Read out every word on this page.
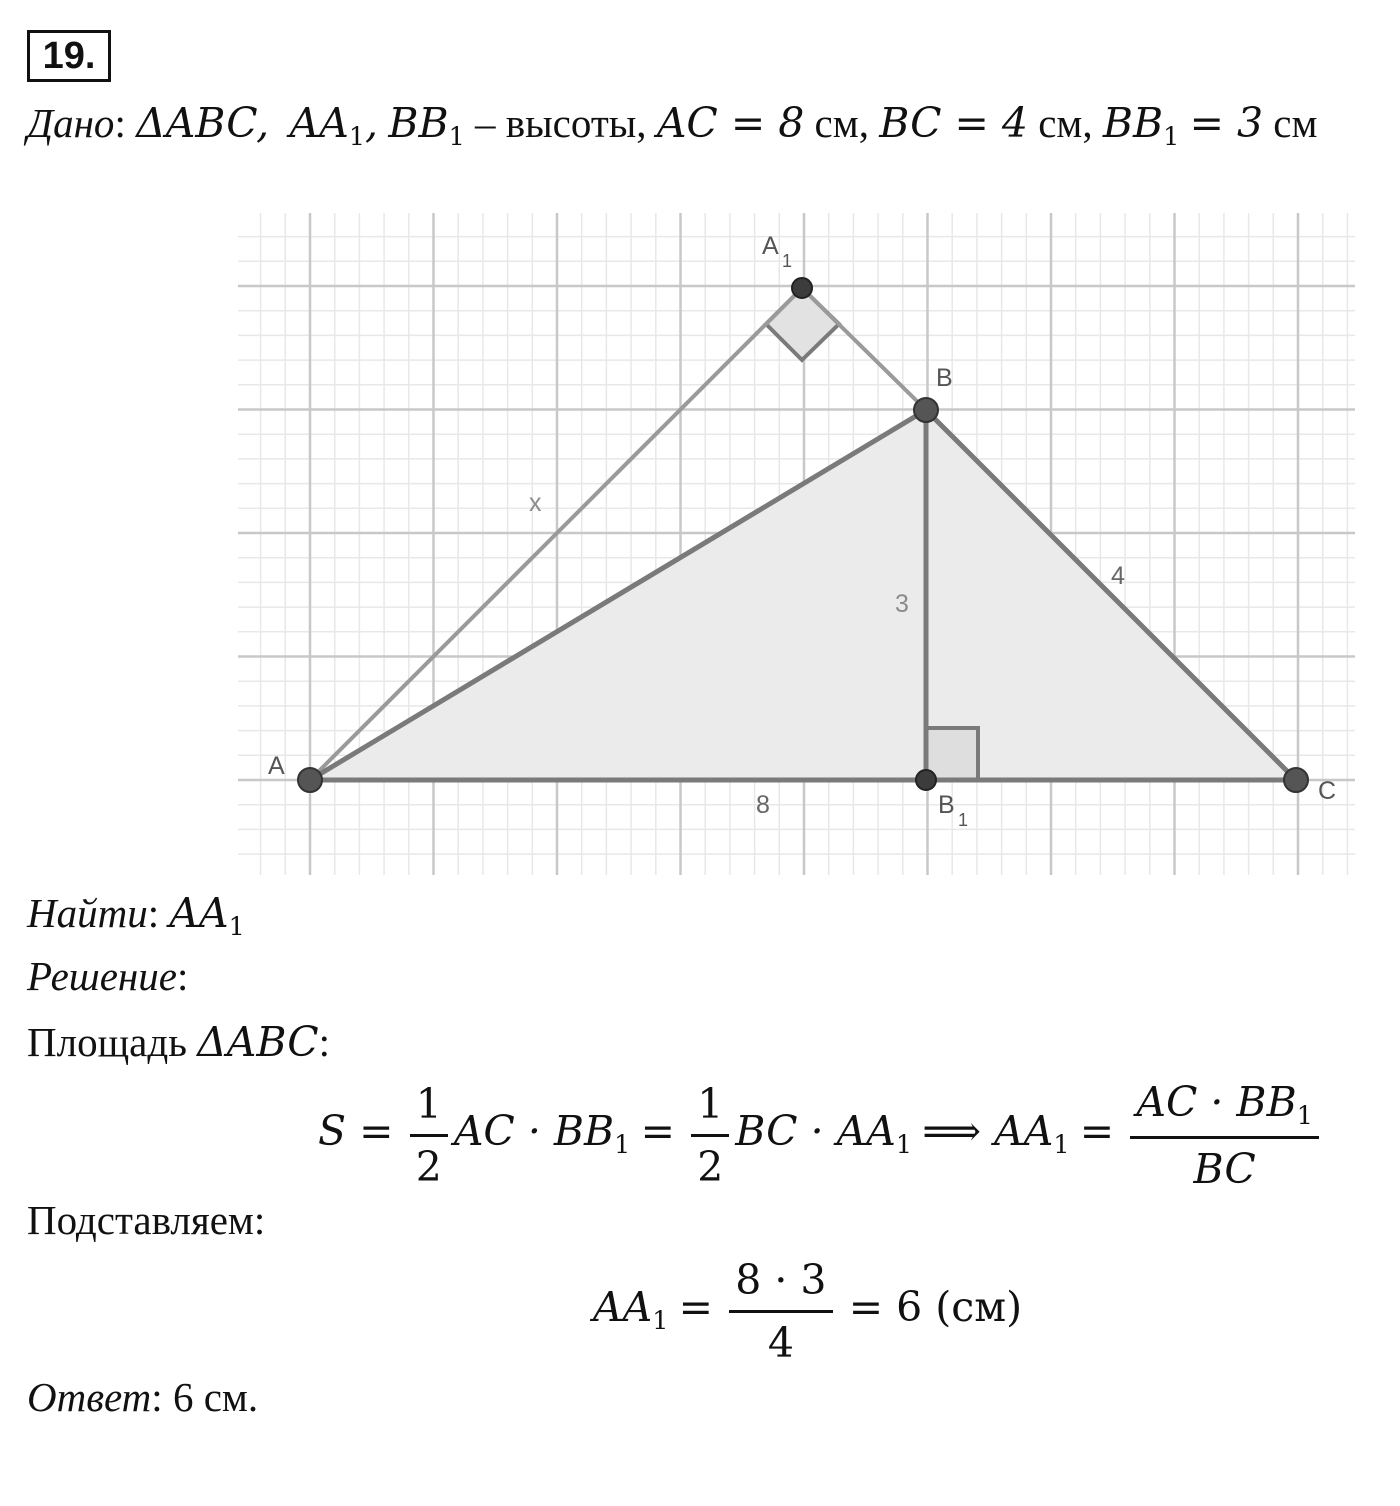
19.
Дано: ΔABC, $AA_1$, $BB_1$ – высоты, AC = 8 см, BC = 4 см, $BB_1 = 3$ см
A
B
C
A
1
B
1
x
3
4
8
Найти: $AA_1$
Решение:
Площадь ΔABC:
$S = \frac{1}{2}$ AC · $BB_1 = \frac{1}{2}$ BC · $AA_1$ ⟹ $AA_1 = \frac{AC \cdot BB_1}{BC}$
Подставляем:
$AA_1 = \frac{8 \cdot 3}{4} = 6$ (см)
Ответ: 6 см.
